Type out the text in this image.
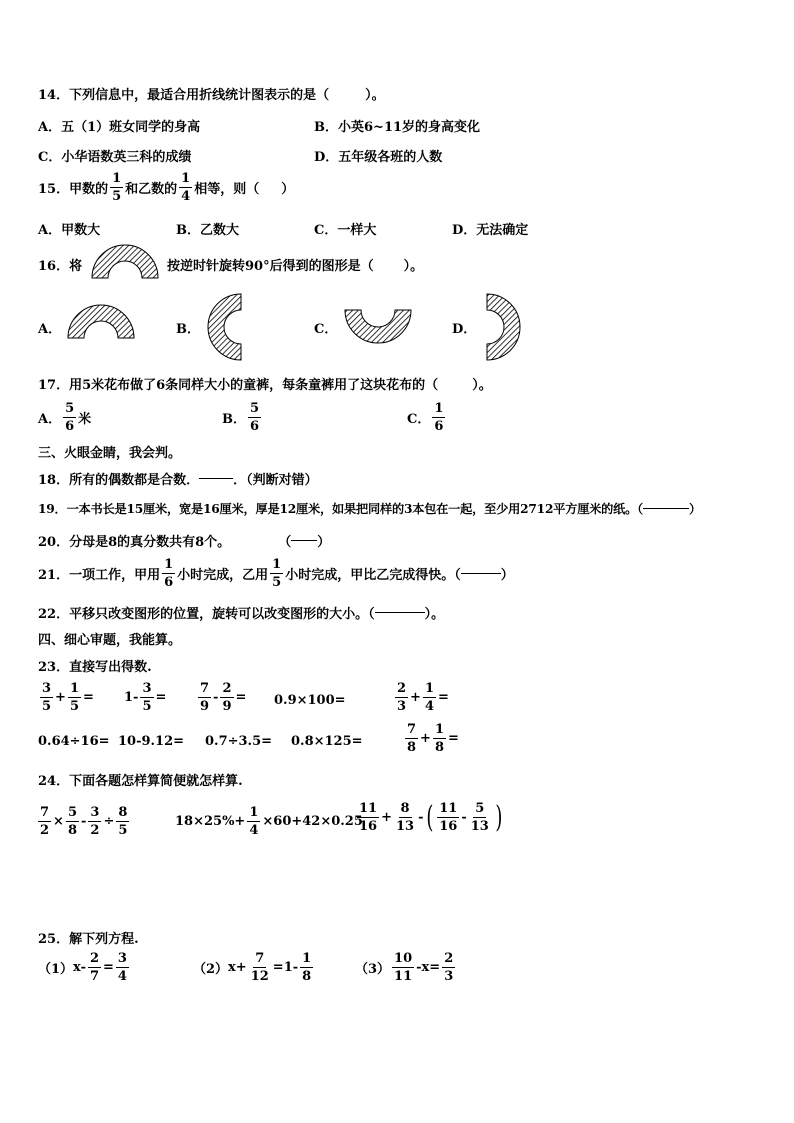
14． 下列信息中，最适合用折线统计图表示的是（	）。
A． 五（1）班女同学的身高	B． 小英6~11岁的身高变化
C． 小华语数英三科的成绩	D． 五年级各班的人数
15． 甲数的 $\frac{1}{5}$ 和乙数的 $\frac{1}{4}$ 相等，则（ ）
A． 甲数大	B． 乙数大	C． 一样大	D． 无法确定
16． 将	按逆时针旋转90°后得到的图形是（ ）。
A．	B．	C．	D．
17． 用5米花布做了6条同样大小的童裤，每条童裤用了这块花布的（	）。
A． $\frac{5}{6}$ 米	B． $\frac{5}{6}$	C． $\frac{1}{6}$
三、火眼金睛，我会判。
18． 所有的偶数都是合数．	．（判断对错）
19． 一本书长是15厘米，宽是16厘米，厚是12厘米，如果把同样的3本包在一起，至少用2712平方厘米的纸。（	）
20． 分母是8的真分数共有8个。	（ ）
21． 一项工作，甲用 $\frac{1}{6}$ 小时完成，乙用 $\frac{1}{5}$ 小时完成，甲比乙完成得快。（	）
22． 平移只改变图形的位置，旋转可以改变图形的大小。（	）。
四、细心审题，我能算。
23． 直接写出得数.
$\frac{3}{5} + \frac{1}{5} = 1- \frac{3}{5} = \frac{7}{9} - \frac{2}{9} = 0.9\times 100=$	$\frac{2}{3} + \frac{1}{4}$ =
0.64÷16= 10-9.12= 0.7÷3.5= 0.8×125=	$\frac{7}{8} + \frac{1}{8}$ =
24． 下面各题怎样算简便就怎样算.
$\frac{7}{2} \times \frac{5}{8} - \frac{3}{2} \div \frac{8}{5}$	$18\times 25\%+ \frac{1}{4} \times 60+42\times 0.25$
$\frac{11}{16} + \frac{8}{13}$ - ( $\frac{11}{16} - \frac{5}{13}$ )
25． 解下列方程.
（1） $x- \frac{2}{7} = \frac{3}{4}$	（2） $x+ \frac{7}{12} =1- \frac{1}{8}$	$(3) \frac{10}{11} -x= \frac{2}{3}$
